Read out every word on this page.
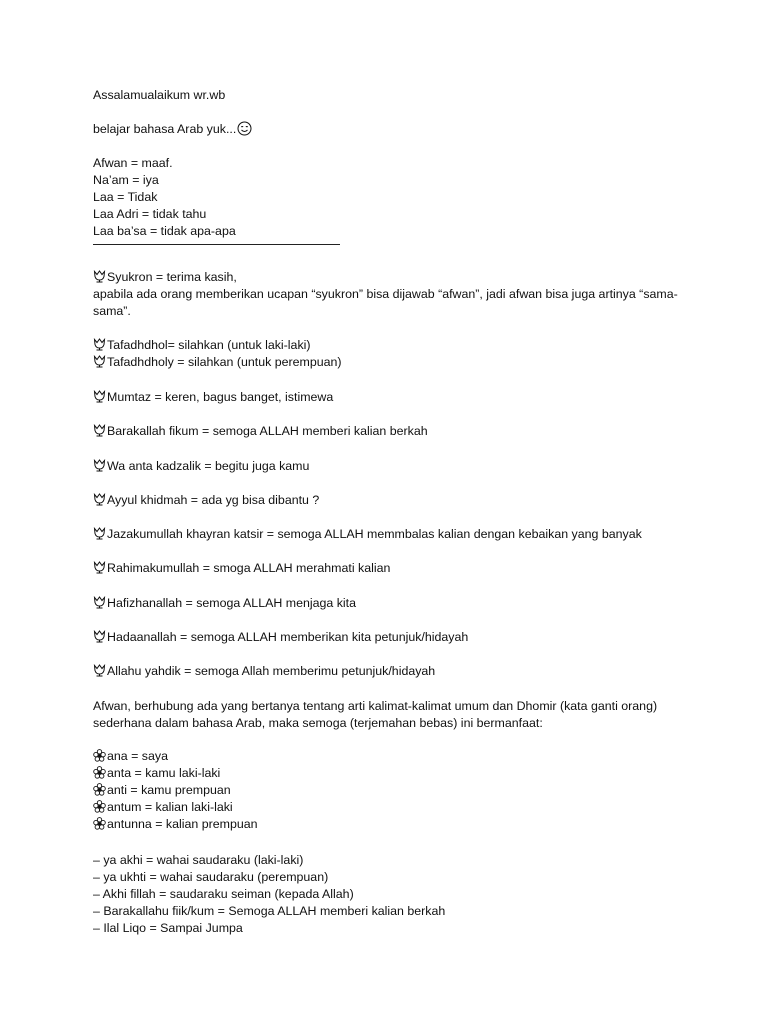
Assalamualaikum wr.wb
belajar bahasa Arab yuk...
Afwan = maaf.
Na’am = iya
Laa = Tidak
Laa Adri = tidak tahu
Laa ba’sa = tidak apa-apa
Syukron = terima kasih,
apabila ada orang memberikan ucapan “syukron” bisa dijawab “afwan”, jadi afwan bisa juga artinya “sama-sama”.
Tafadhdhol= silahkan (untuk laki-laki)
Tafadhdholy = silahkan (untuk perempuan)
Mumtaz = keren, bagus banget, istimewa
Barakallah fikum = semoga ALLAH memberi kalian berkah
Wa anta kadzalik = begitu juga kamu
Ayyul khidmah = ada yg bisa dibantu ?
Jazakumullah khayran katsir = semoga ALLAH memmbalas kalian dengan kebaikan yang banyak
Rahimakumullah = smoga ALLAH merahmati kalian
Hafizhanallah = semoga ALLAH menjaga kita
Hadaanallah = semoga ALLAH memberikan kita petunjuk/hidayah
Allahu yahdik = semoga Allah memberimu petunjuk/hidayah
Afwan, berhubung ada yang bertanya tentang arti kalimat-kalimat umum dan Dhomir (kata ganti orang) sederhana dalam bahasa Arab, maka semoga (terjemahan bebas) ini bermanfaat:
ana = saya
anta = kamu laki-laki
anti = kamu prempuan
antum = kalian laki-laki
antunna = kalian prempuan
– ya akhi = wahai saudaraku (laki-laki)
– ya ukhti = wahai saudaraku (perempuan)
– Akhi fillah = saudaraku seiman (kepada Allah)
– Barakallahu fiik/kum = Semoga ALLAH memberi kalian berkah
– Ilal Liqo = Sampai Jumpa
